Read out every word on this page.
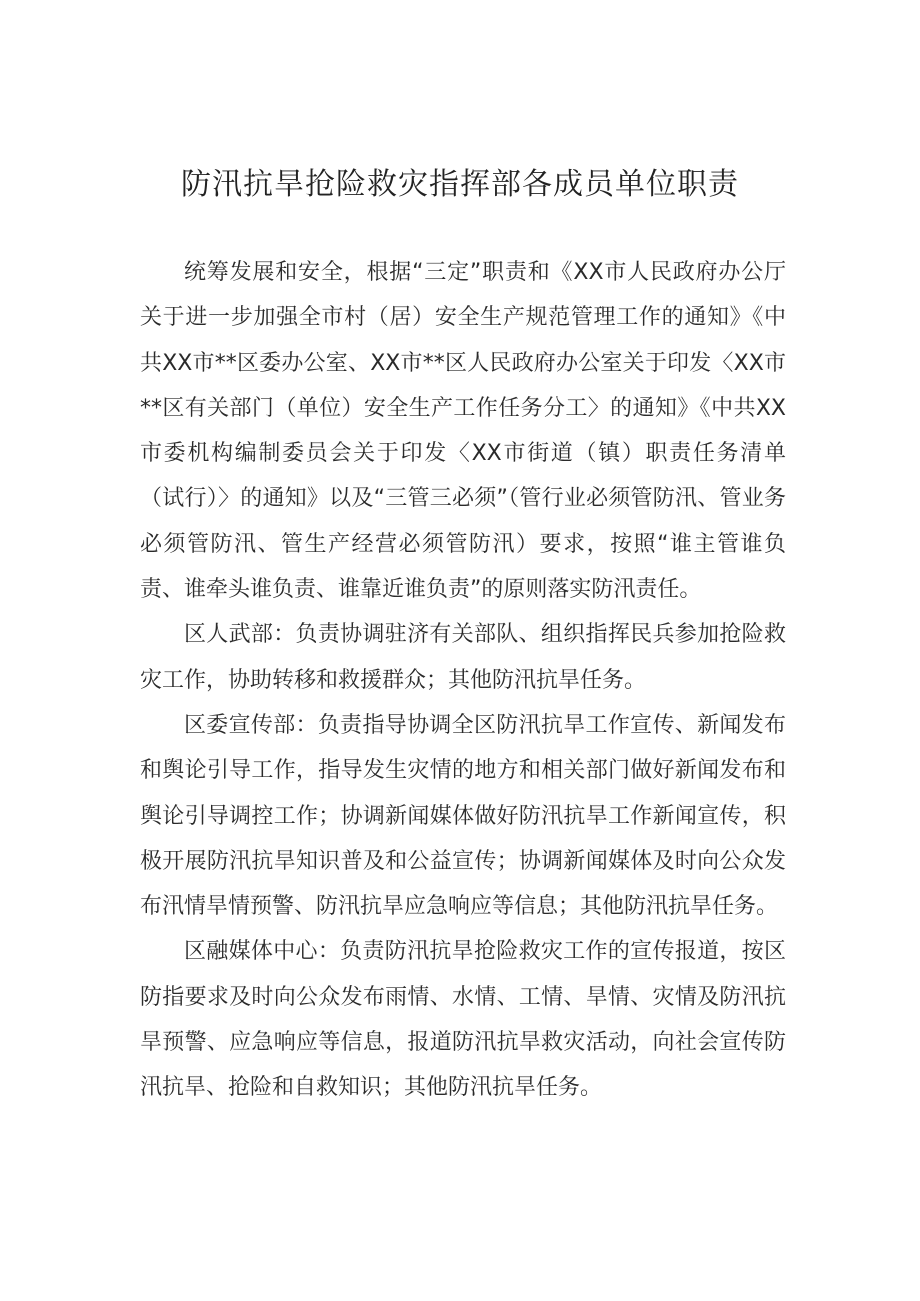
防汛抗旱抢险救灾指挥部各成员单位职责

统筹发展和安全，根据“三定”职责和《XX市人民政府办公厅关于进一步加强全市村（居）安全生产规范管理工作的通知》《中共XX市**区委办公室、XX市**区人民政府办公室关于印发〈XX市**区有关部门（单位）安全生产工作任务分工〉的通知》《中共XX市委机构编制委员会关于印发〈XX市街道（镇）职责任务清单（试行）〉的通知》以及“三管三必须”（管行业必须管防汛、管业务必须管防汛、管生产经营必须管防汛）要求，按照“谁主管谁负责、谁牵头谁负责、谁靠近谁负责”的原则落实防汛责任。

区人武部：负责协调驻济有关部队、组织指挥民兵参加抢险救灾工作，协助转移和救援群众；其他防汛抗旱任务。

区委宣传部：负责指导协调全区防汛抗旱工作宣传、新闻发布和舆论引导工作，指导发生灾情的地方和相关部门做好新闻发布和舆论引导调控工作；协调新闻媒体做好防汛抗旱工作新闻宣传，积极开展防汛抗旱知识普及和公益宣传；协调新闻媒体及时向公众发布汛情旱情预警、防汛抗旱应急响应等信息；其他防汛抗旱任务。

区融媒体中心：负责防汛抗旱抢险救灾工作的宣传报道，按区防指要求及时向公众发布雨情、水情、工情、旱情、灾情及防汛抗旱预警、应急响应等信息，报道防汛抗旱救灾活动，向社会宣传防汛抗旱、抢险和自救知识；其他防汛抗旱任务。
